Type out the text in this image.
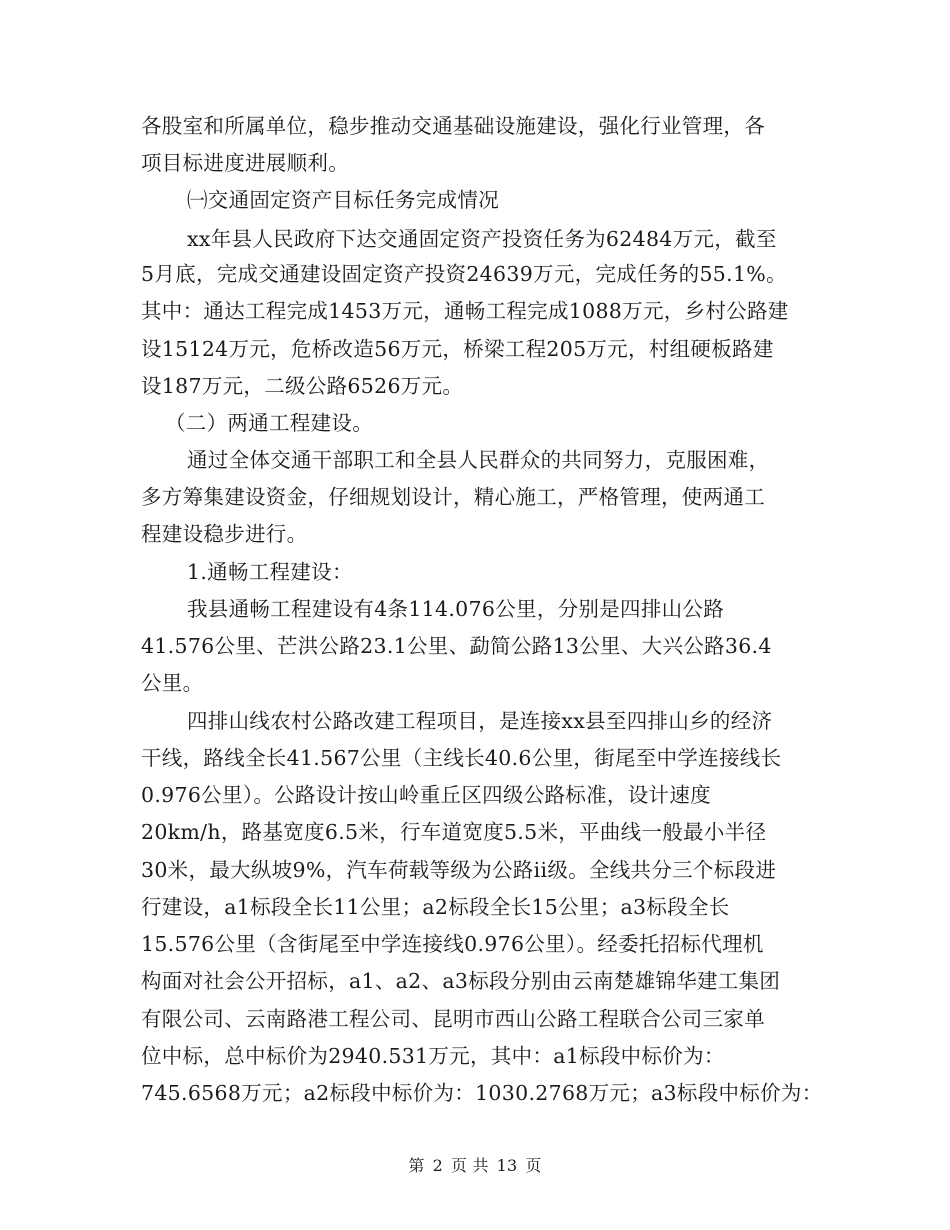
各股室和所属单位，稳步推动交通基础设施建设，强化行业管理，各
项目标进度进展顺利。
㈠交通固定资产目标任务完成情况
xx年县人民政府下达交通固定资产投资任务为62484万元，截至
5月底，完成交通建设固定资产投资24639万元，完成任务的55.1%。
其中：通达工程完成1453万元，通畅工程完成1088万元，乡村公路建
设15124万元，危桥改造56万元，桥梁工程205万元，村组硬板路建
设187万元，二级公路6526万元。
（二）两通工程建设。
通过全体交通干部职工和全县人民群众的共同努力，克服困难，
多方筹集建设资金，仔细规划设计，精心施工，严格管理，使两通工
程建设稳步进行。
1.通畅工程建设：
我县通畅工程建设有4条114.076公里，分别是四排山公路
41.576公里、芒洪公路23.1公里、勐简公路13公里、大兴公路36.4
公里。
四排山线农村公路改建工程项目，是连接xx县至四排山乡的经济
干线，路线全长41.567公里（主线长40.6公里，街尾至中学连接线长
0.976公里）。公路设计按山岭重丘区四级公路标准，设计速度
20km/h，路基宽度6.5米，行车道宽度5.5米，平曲线一般最小半径
30米，最大纵坡9%，汽车荷载等级为公路ii级。全线共分三个标段进
行建设，a1标段全长11公里；a2标段全长15公里；a3标段全长
15.576公里（含街尾至中学连接线0.976公里）。经委托招标代理机
构面对社会公开招标，a1、a2、a3标段分别由云南楚雄锦华建工集团
有限公司、云南路港工程公司、昆明市西山公路工程联合公司三家单
位中标，总中标价为2940.531万元，其中：a1标段中标价为：
745.6568万元；a2标段中标价为：1030.2768万元；a3标段中标价为：
第 2 页 共 13 页
